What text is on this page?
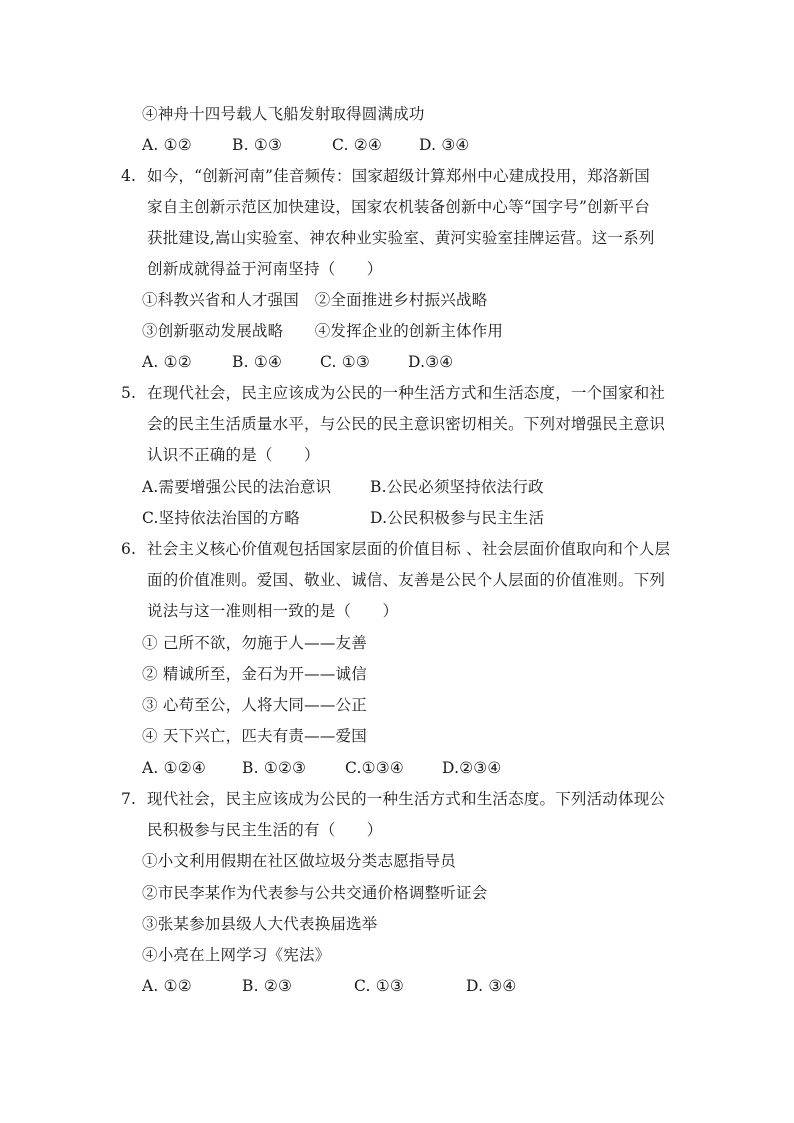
④神舟十四号载人飞船发射取得圆满成功
A. ①②	B. ①③	C. ②④	D. ③④
4. 如今，“创新河南”佳音频传：国家超级计算郑州中心建成投用，郑洛新国
家自主创新示范区加快建设，国家农机装备创新中心等“国字号”创新平台
获批建设,嵩山实验室、神农种业实验室、黄河实验室挂牌运营。这一系列
创新成就得益于河南坚持（　　）
①科教兴省和人才强国　②全面推进乡村振兴战略
③创新驱动发展战略　　④发挥企业的创新主体作用
A. ①②	B. ①④	C. ①③	D.③④
5. 在现代社会，民主应该成为公民的一种生活方式和生活态度，一个国家和社
会的民主生活质量水平，与公民的民主意识密切相关。下列对增强民主意识
认识不正确的是（　　）
A.需要增强公民的法治意识	B.公民必须坚持依法行政
C.坚持依法治国的方略	D.公民积极参与民主生活
6. 社会主义核心价值观包括国家层面的价值目标 、社会层面价值取向和个人层
面的价值准则。爱国、敬业、诚信、友善是公民个人层面的价值准则。下列
说法与这一准则相一致的是（　　）
① 己所不欲，勿施于人——友善
② 精诚所至，金石为开——诚信
③ 心苟至公，人将大同——公正
④ 天下兴亡，匹夫有责——爱国
A. ①②④	B. ①②③	C.①③④	D.②③④
7. 现代社会，民主应该成为公民的一种生活方式和生活态度。下列活动体现公
民积极参与民主生活的有（　　）
①小文利用假期在社区做垃圾分类志愿指导员
②市民李某作为代表参与公共交通价格调整听证会
③张某参加县级人大代表换届选举
④小亮在上网学习《宪法》
A. ①②	B. ②③	C. ①③	D. ③④
